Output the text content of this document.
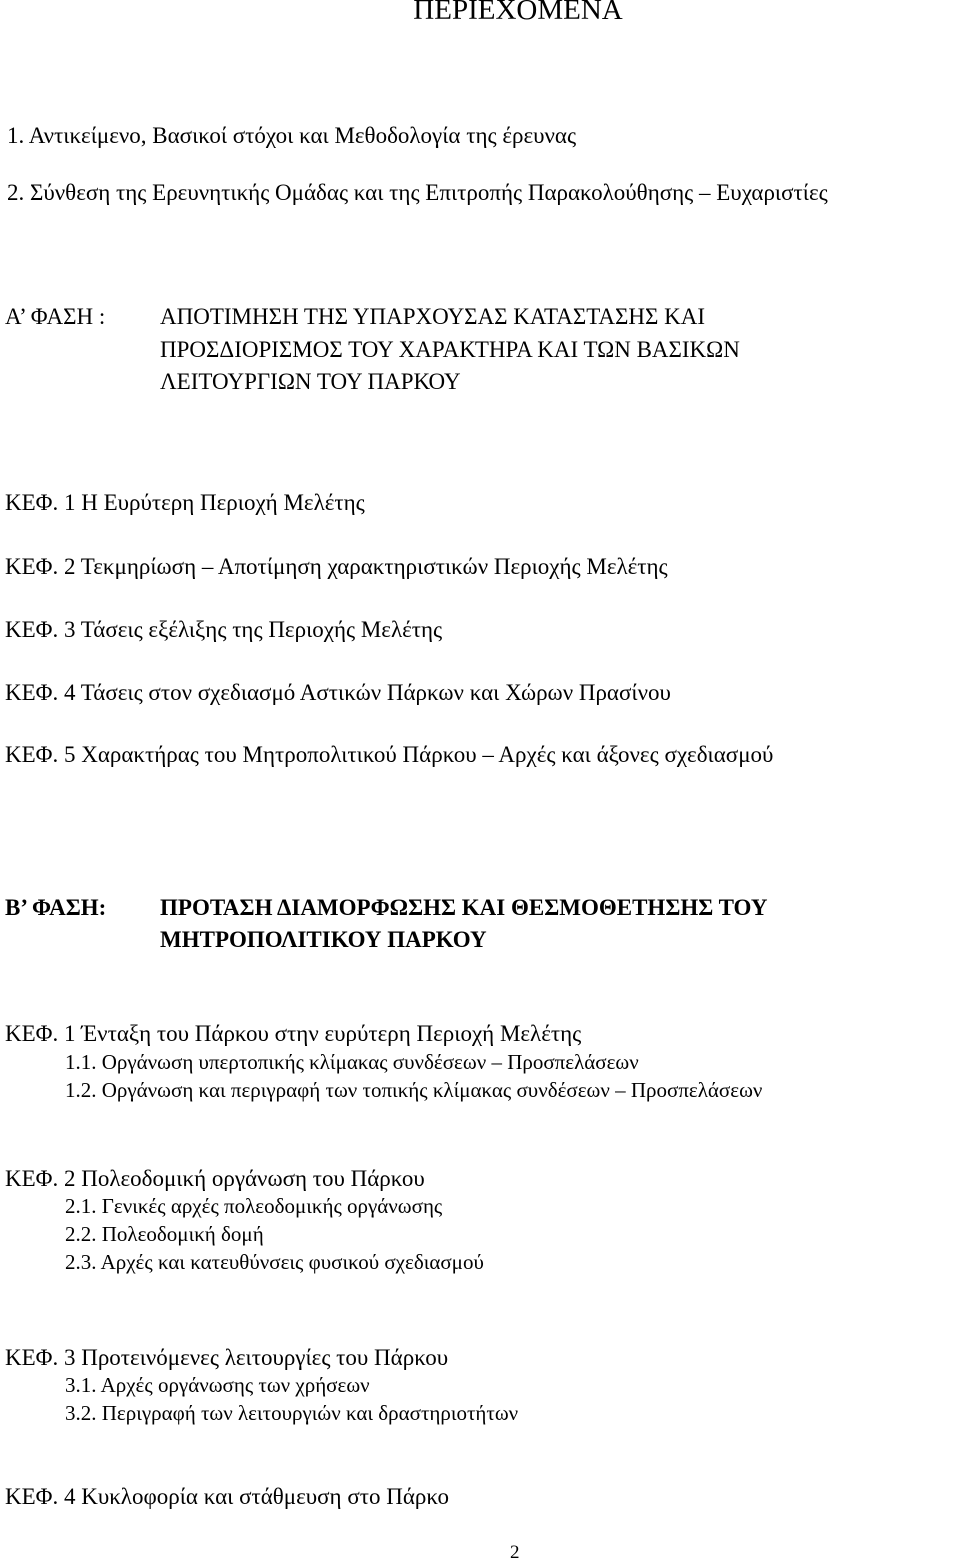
ΠΕΡΙΕΧΟΜΕΝΑ
1. Αντικείμενο, Βασικοί στόχοι και Μεθοδολογία της έρευνας
2. Σύνθεση της Ερευνητικής Ομάδας και της Επιτροπής Παρακολούθησης – Ευχαριστίες
Α’ ΦΑΣΗ : ΑΠΟΤΙΜΗΣΗ ΤΗΣ ΥΠΑΡΧΟΥΣΑΣ ΚΑΤΑΣΤΑΣΗΣ ΚΑΙ
ΠΡΟΣΔΙΟΡΙΣΜΟΣ ΤΟΥ ΧΑΡΑΚΤΗΡΑ ΚΑΙ ΤΩΝ ΒΑΣΙΚΩΝ
ΛΕΙΤΟΥΡΓΙΩΝ ΤΟΥ ΠΑΡΚΟΥ
ΚΕΦ. 1 Η Ευρύτερη Περιοχή Μελέτης
ΚΕΦ. 2 Τεκμηρίωση – Αποτίμηση χαρακτηριστικών Περιοχής Μελέτης
ΚΕΦ. 3 Τάσεις εξέλιξης της Περιοχής Μελέτης
ΚΕΦ. 4 Τάσεις στον σχεδιασμό Αστικών Πάρκων και Χώρων Πρασίνου
ΚΕΦ. 5 Χαρακτήρας του Μητροπολιτικού Πάρκου – Αρχές και άξονες σχεδιασμού
Β’ ΦΑΣΗ: ΠΡΟΤΑΣΗ ΔΙΑΜΟΡΦΩΣΗΣ ΚΑΙ ΘΕΣΜΟΘΕΤΗΣΗΣ ΤΟΥ
ΜΗΤΡΟΠΟΛΙΤΙΚΟΥ ΠΑΡΚΟΥ
ΚΕΦ. 1 Ένταξη του Πάρκου στην ευρύτερη Περιοχή Μελέτης
1.1. Οργάνωση υπερτοπικής κλίμακας συνδέσεων – Προσπελάσεων
1.2. Οργάνωση και περιγραφή των τοπικής κλίμακας συνδέσεων – Προσπελάσεων
ΚΕΦ. 2 Πολεοδομική οργάνωση του Πάρκου
2.1. Γενικές αρχές πολεοδομικής οργάνωσης
2.2. Πολεοδομική δομή
2.3. Αρχές και κατευθύνσεις φυσικού σχεδιασμού
ΚΕΦ. 3 Προτεινόμενες λειτουργίες του Πάρκου
3.1. Αρχές οργάνωσης των χρήσεων
3.2. Περιγραφή των λειτουργιών και δραστηριοτήτων
ΚΕΦ. 4 Κυκλοφορία και στάθμευση στο Πάρκο
2
